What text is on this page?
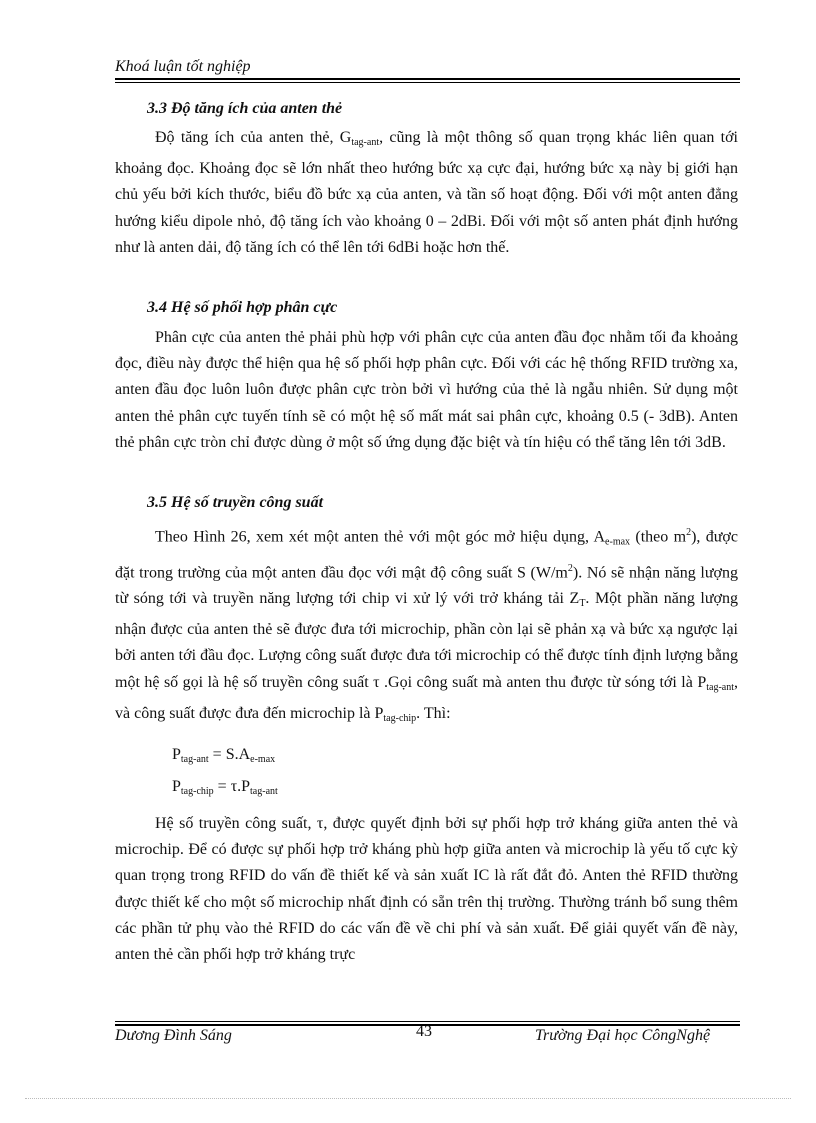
Khoá luận tốt nghiệp
3.3 Độ tăng ích của anten thẻ

Độ tăng ích của anten thẻ, $G_{tag-ant}$, cũng là một thông số quan trọng khác liên quan tới khoảng đọc. Khoảng đọc sẽ lớn nhất theo hướng bức xạ cực đại, hướng bức xạ này bị giới hạn chủ yếu bởi kích thước, biểu đồ bức xạ của anten, và tần số hoạt động. Đối với một anten đẳng hướng kiểu dipole nhỏ, độ tăng ích vào khoảng 0 – 2dBi. Đối với một số anten phát định hướng như là anten dải, độ tăng ích có thể lên tới 6dBi hoặc hơn thế.

3.4 Hệ số phối hợp phân cực

Phân cực của anten thẻ phải phù hợp với phân cực của anten đầu đọc nhằm tối đa khoảng đọc, điều này được thể hiện qua hệ số phối hợp phân cực. Đối với các hệ thống RFID trường xa, anten đầu đọc luôn luôn được phân cực tròn bởi vì hướng của thẻ là ngẫu nhiên. Sử dụng một anten thẻ phân cực tuyến tính sẽ có một hệ số mất mát sai phân cực, khoảng 0.5 (- 3dB). Anten thẻ phân cực tròn chỉ được dùng ở một số ứng dụng đặc biệt và tín hiệu có thể tăng lên tới 3dB.

3.5 Hệ số truyền công suất

Theo Hình 26, xem xét một anten thẻ với một góc mở hiệu dụng, $A_{e-max}$ (theo $m^2$), được đặt trong trường của một anten đầu đọc với mật độ công suất S $(W/m^2)$. Nó sẽ nhận năng lượng từ sóng tới và truyền năng lượng tới chip vi xử lý với trở kháng tải $Z_T$. Một phần năng lượng nhận được của anten thẻ sẽ được đưa tới microchip, phần còn lại sẽ phản xạ và bức xạ ngược lại bởi anten tới đầu đọc. Lượng công suất được đưa tới microchip có thể được tính định lượng bằng một hệ số gọi là hệ số truyền công suất τ .Gọi công suất mà anten thu được từ sóng tới là $P_{tag-ant}$, và công suất được đưa đến microchip là $P_{tag-chip}$. Thì:

$P_{tag-ant} = S.A_{e-max}$
$P_{tag-chip} = \tau.P_{tag-ant}$

Hệ số truyền công suất, τ, được quyết định bởi sự phối hợp trở kháng giữa anten thẻ và microchip. Để có được sự phối hợp trở kháng phù hợp giữa anten và microchip là yếu tố cực kỳ quan trọng trong RFID do vấn đề thiết kế và sản xuất IC là rất đắt đỏ. Anten thẻ RFID thường được thiết kế cho một số microchip nhất định có sẵn trên thị trường. Thường tránh bổ sung thêm các phần tử phụ vào thẻ RFID do các vấn đề về chi phí và sản xuất. Để giải quyết vấn đề này, anten thẻ cần phối hợp trở kháng trực

Dương Đình Sáng	43	Trường Đại học CôngNghệ
